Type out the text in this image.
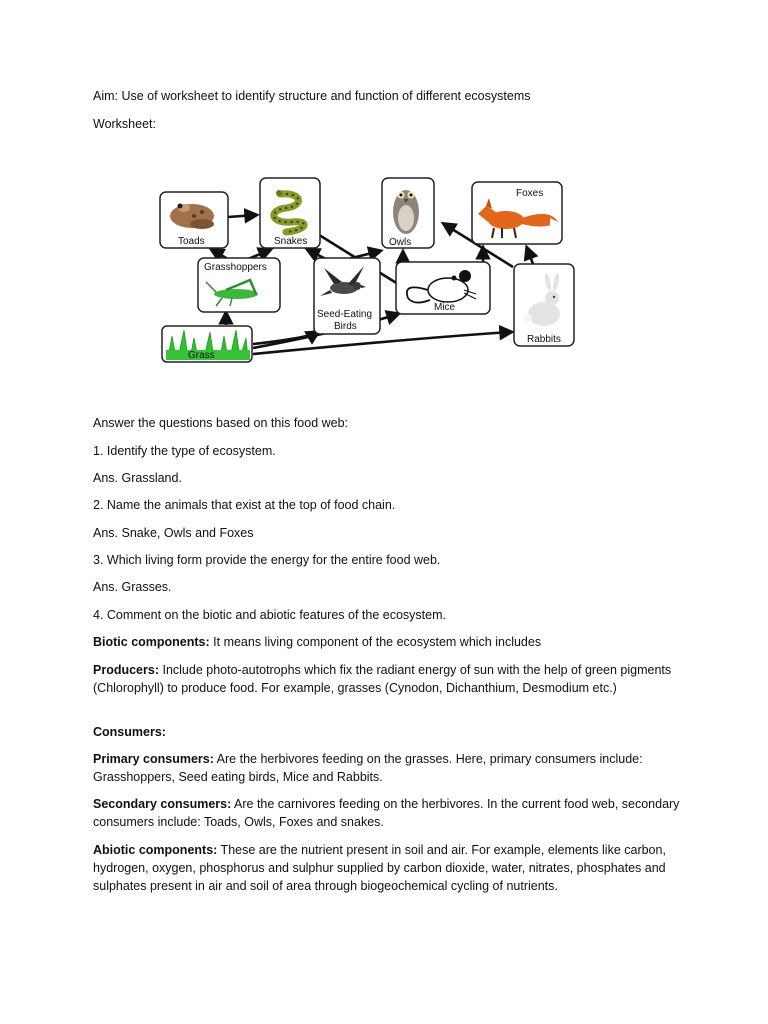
Aim: Use of worksheet to identify structure and function of different ecosystems
Worksheet:
Answer the questions based on this food web:
1. Identify the type of ecosystem.
Ans. Grassland.
2. Name the animals that exist at the top of food chain.
Ans. Snake, Owls and Foxes
3. Which living form provide the energy for the entire food web.
Ans. Grasses.
4. Comment on the biotic and abiotic features of the ecosystem.
Biotic components: It means living component of the ecosystem which includes
Producers: Include photo-autotrophs which fix the radiant energy of sun with the help of green pigments (Chlorophyll) to produce food. For example, grasses (Cynodon, Dichanthium, Desmodium etc.)
Consumers:
Primary consumers: Are the herbivores feeding on the grasses. Here, primary consumers include: Grasshoppers, Seed eating birds, Mice and Rabbits.
Secondary consumers: Are the carnivores feeding on the herbivores. In the current food web, secondary consumers include: Toads, Owls, Foxes and snakes.
Abiotic components: These are the nutrient present in soil and air. For example, elements like carbon, hydrogen, oxygen, phosphorus and sulphur supplied by carbon dioxide, water, nitrates, phosphates and sulphates present in air and soil of area through biogeochemical cycling of nutrients.
Toads	Snakes	Owls
Foxes
Grasshoppers
Seed-Eating
Birds
Mice
Rabbits
Grass
